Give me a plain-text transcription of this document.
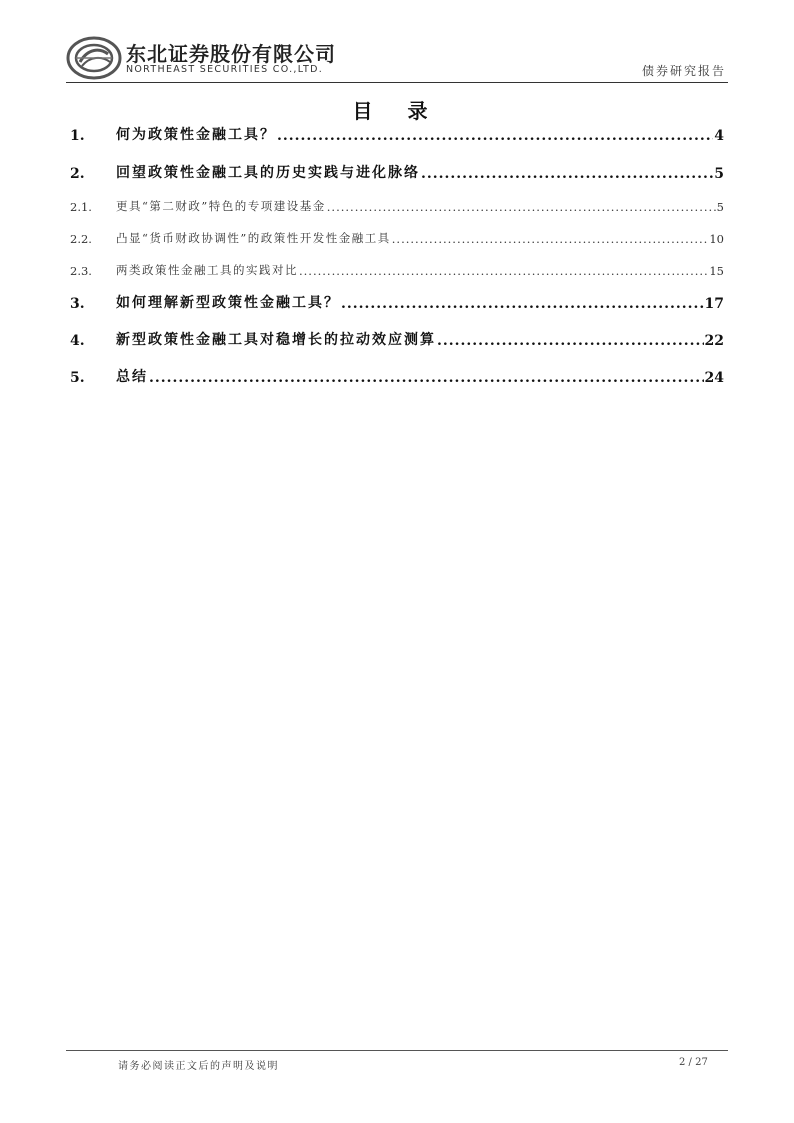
东北证券股份有限公司
NORTHEAST SECURITIES CO.,LTD.	债券研究报告
目 录
1.	何为政策性金融工具？ .....	4
2.	回望政策性金融工具的历史实践与进化脉络 .....	5
2.1.	更具“第二财政”特色的专项建设基金 .....	5
2.2.	凸显“货币财政协调性”的政策性开发性金融工具 .....	10
2.3.	两类政策性金融工具的实践对比 .....	15
3.	如何理解新型政策性金融工具？ .....	17
4.	新型政策性金融工具对稳增长的拉动效应测算 .....	22
5.	总结 .....	24
请务必阅读正文后的声明及说明	2 / 27
